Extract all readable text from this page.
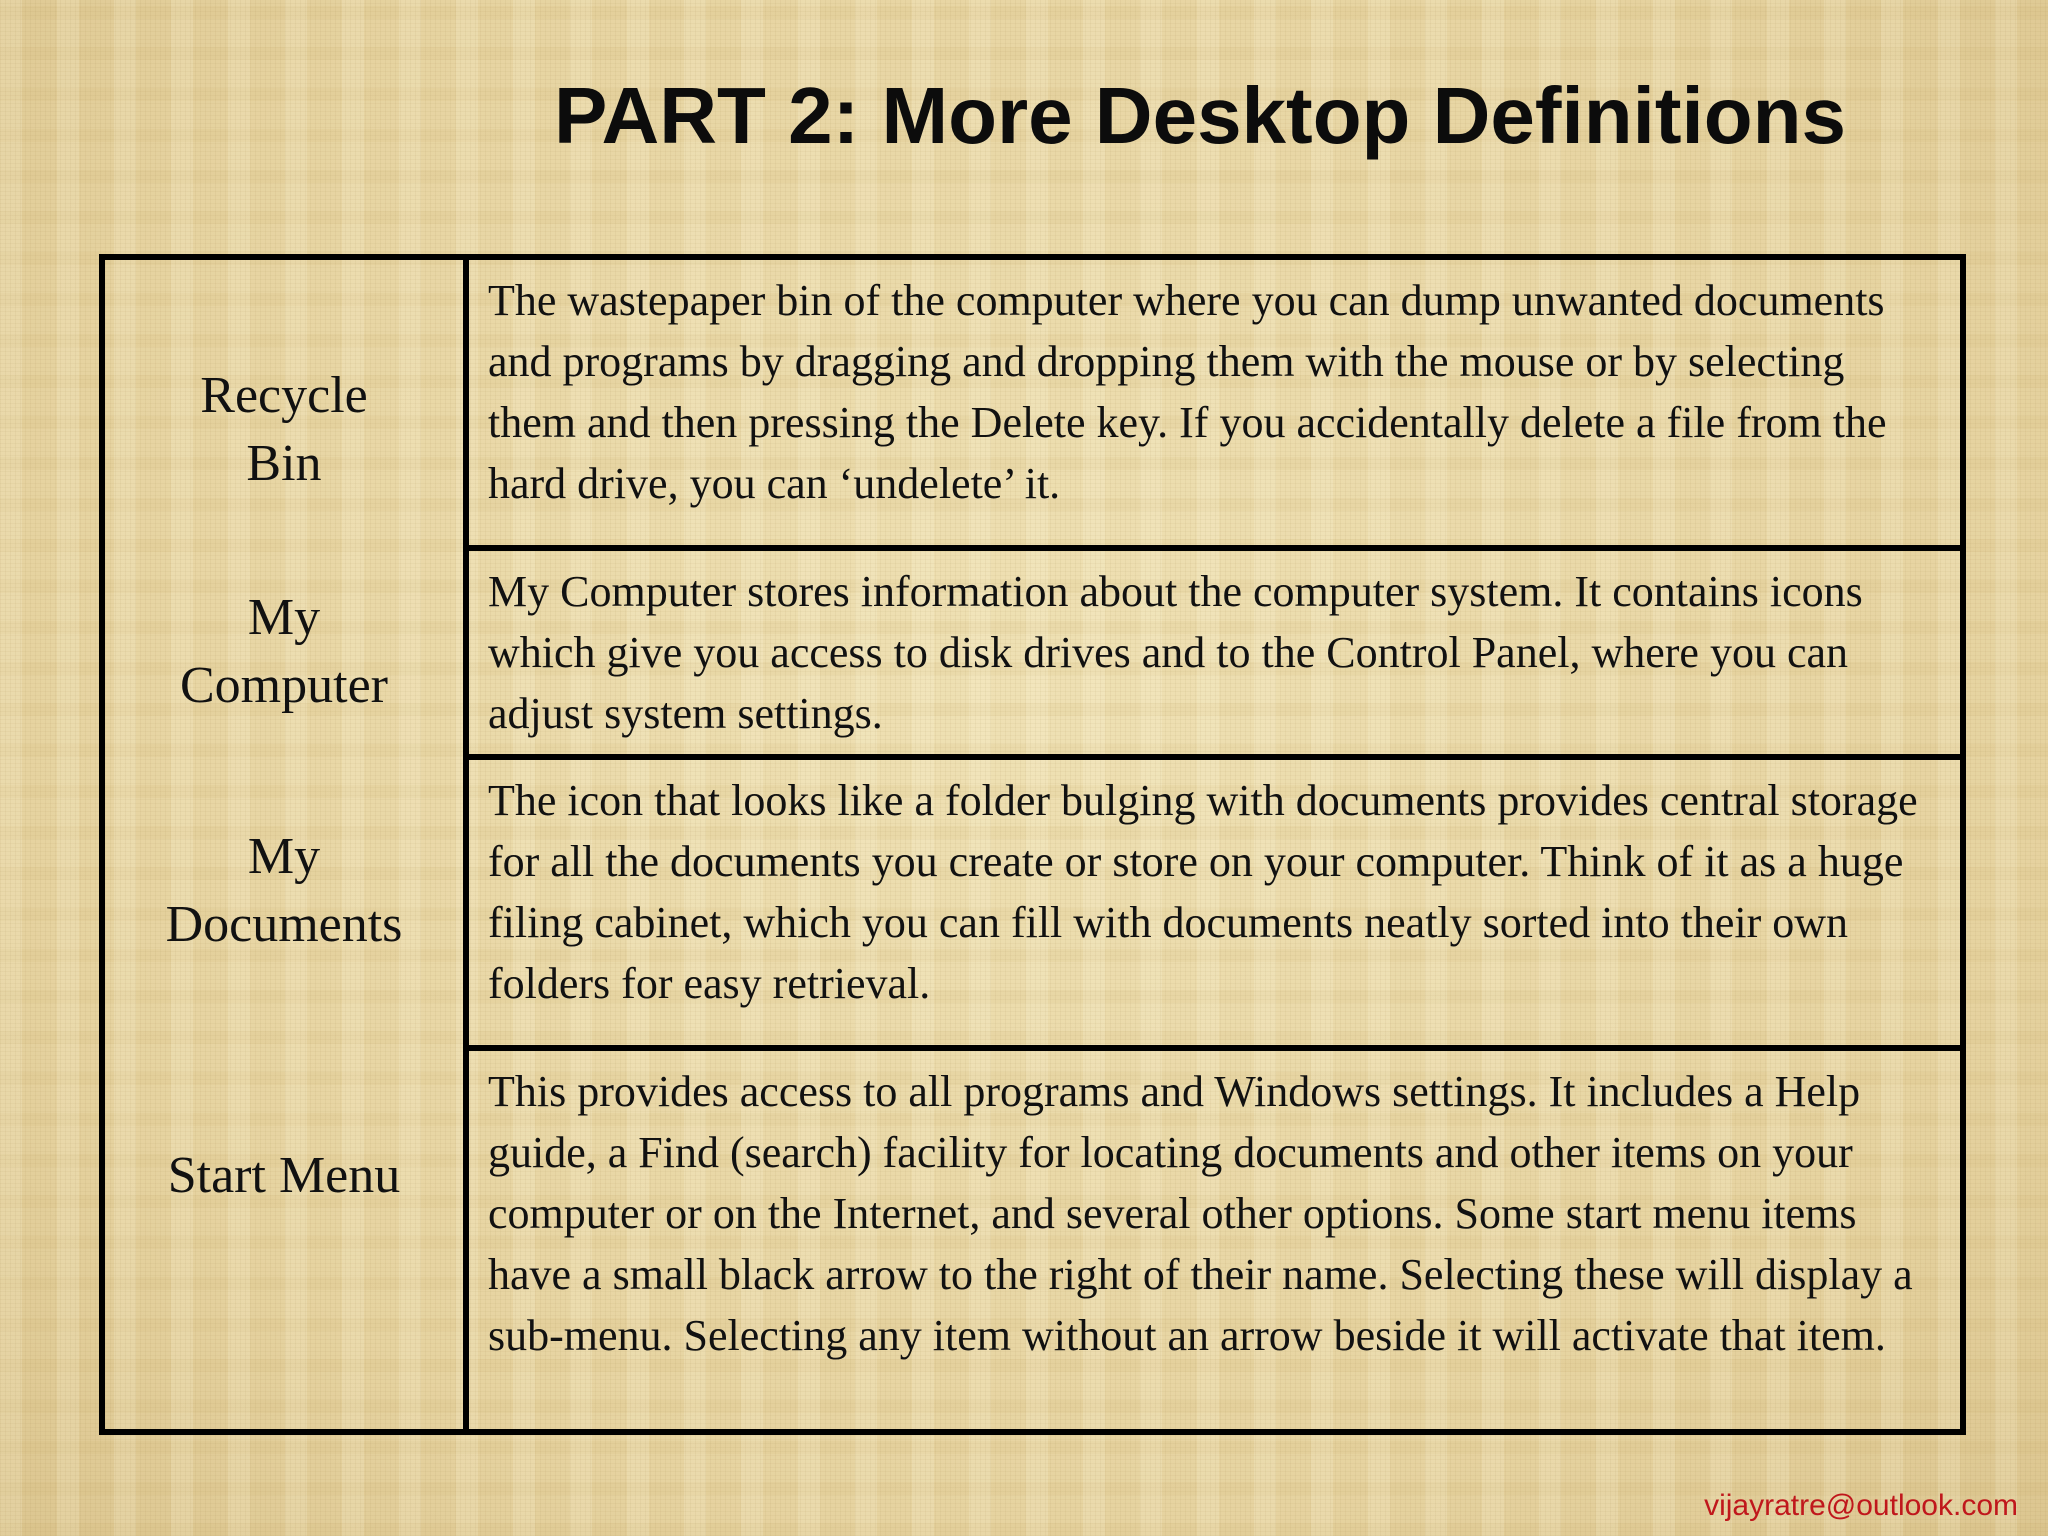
PART 2: More Desktop Definitions
Recycle
Bin
My
Computer
My
Documents
Start Menu
The wastepaper bin of the computer where you can dump unwanted documents and programs by dragging and dropping them with the mouse or by selecting them and then pressing the Delete key. If you accidentally delete a file from the hard drive, you can ‘undelete’ it.
My Computer stores information about the computer system. It contains icons which give you access to disk drives and to the Control Panel, where you can adjust system settings.
The icon that looks like a folder bulging with documents provides central storage for all the documents you create or store on your computer. Think of it as a huge filing cabinet, which you can fill with documents neatly sorted into their own folders for easy retrieval.
This provides access to all programs and Windows settings. It includes a Help guide, a Find (search) facility for locating documents and other items on your computer or on the Internet, and several other options. Some start menu items have a small black arrow to the right of their name. Selecting these will display a sub-menu. Selecting any item without an arrow beside it will activate that item.
vijayratre@outlook.com
